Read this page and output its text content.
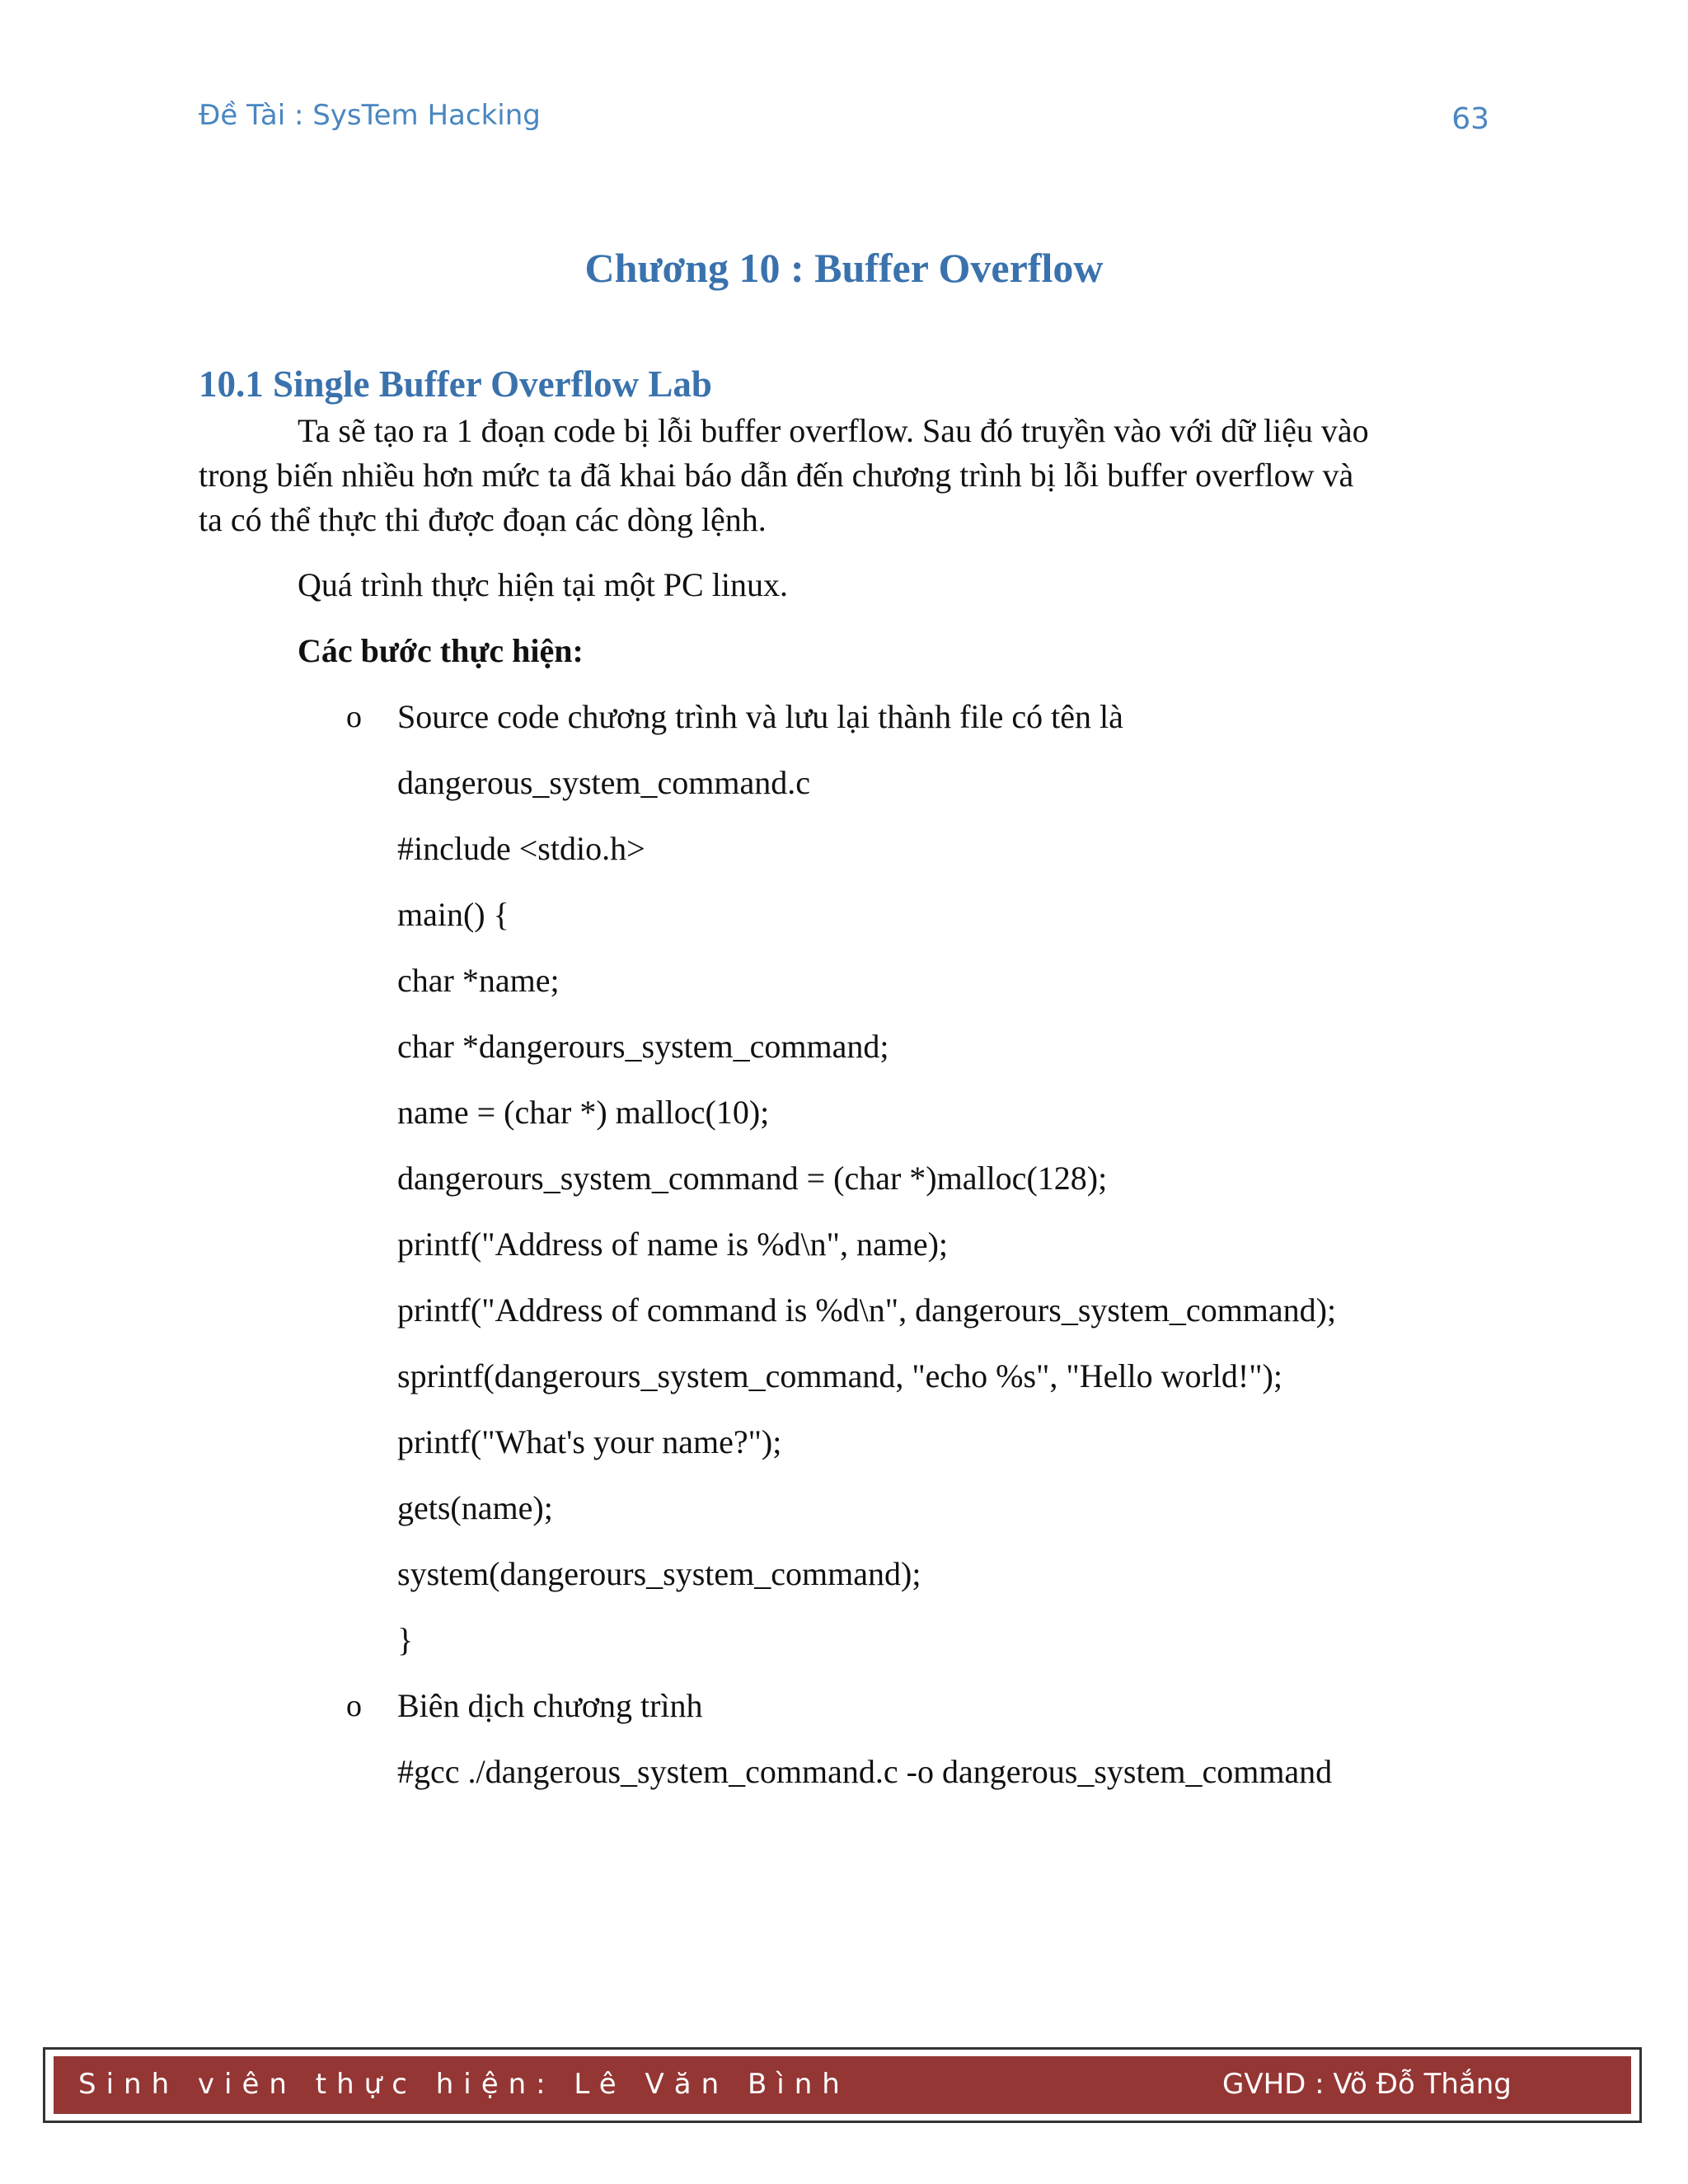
Đề Tài : SysTem Hacking	63
Chương 10 : Buffer Overflow
10.1 Single Buffer Overflow Lab
Ta sẽ tạo ra 1 đoạn code bị lỗi buffer overflow. Sau đó truyền vào với dữ liệu vào
trong biến nhiều hơn mức ta đã khai báo dẫn đến chương trình bị lỗi buffer overflow và
ta có thể thực thi được đoạn các dòng lệnh.
Quá trình thực hiện tại một PC linux.
Các bước thực hiện:
o Source code chương trình và lưu lại thành file có tên là
dangerous_system_command.c
#include <stdio.h>
main() {
char *name;
char *dangerours_system_command;
name = (char *) malloc(10);
dangerours_system_command = (char *)malloc(128);
printf("Address of name is %d\n", name);
printf("Address of command is %d\n", dangerours_system_command);
sprintf(dangerours_system_command, "echo %s", "Hello world!");
printf("What's your name?");
gets(name);
system(dangerours_system_command);
}
o Biên dịch chương trình
#gcc ./dangerous_system_command.c -o dangerous_system_command
Sinh viên thực hiện: Lê Văn Bình	GVHD : Võ Đỗ Thắng
